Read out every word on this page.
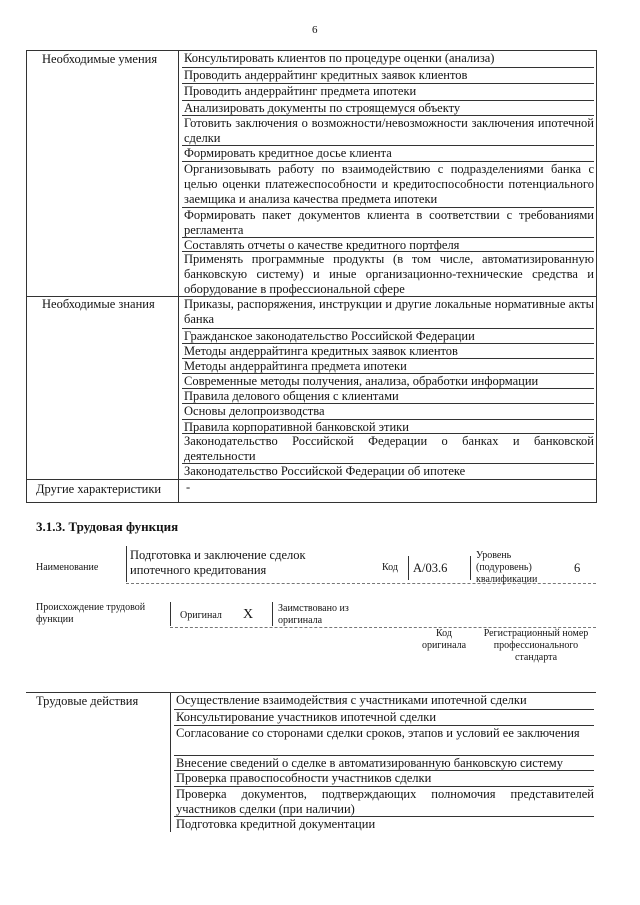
6
Необходимые умения Консультировать клиентов по процедуре оценки (анализа)
Проводить андеррайтинг кредитных заявок клиентов
Проводить андеррайтинг предмета ипотеки
Анализировать документы по строящемуся объекту
Готовить заключения о возможности/невозможности заключения ипотечной сделки
Формировать кредитное досье клиента
Организовывать работу по взаимодействию с подразделениями банка с целью оценки платежеспособности и кредитоспособности потенциального заемщика и анализа качества предмета ипотеки
Формировать пакет документов клиента в соответствии с требованиями регламента
Составлять отчеты о качестве кредитного портфеля
Применять программные продукты (в том числе, автоматизированную банковскую систему) и иные организационно-технические средства и оборудование в профессиональной сфере
Необходимые знания Приказы, распоряжения, инструкции и другие локальные нормативные акты банка
Гражданское законодательство Российской Федерации
Методы андеррайтинга кредитных заявок клиентов
Методы андеррайтинга предмета ипотеки
Современные методы получения, анализа, обработки информации
Правила делового общения с клиентами
Основы делопроизводства
Правила корпоративной банковской этики
Законодательство Российской Федерации о банках и банковской деятельности
Законодательство Российской Федерации об ипотеке
Другие характеристики -
3.1.3. Трудовая функция
Наименование
Подготовка и заключение сделок ипотечного кредитования	Код А/03.6
Уровень (подуровень) квалификации
6
Происхождение трудовой функции	Оригинал X Заимствовано из оригинала
Код оригинала
Регистрационный номер профессионального стандарта
Трудовые действия	Осуществление взаимодействия с участниками ипотечной сделки
Консультирование участников ипотечной сделки
Согласование со сторонами сделки сроков, этапов и условий ее заключения
Внесение сведений о сделке в автоматизированную банковскую систему
Проверка правоспособности участников сделки
Проверка документов, подтверждающих полномочия представителей участников сделки (при наличии)
Подготовка кредитной документации
